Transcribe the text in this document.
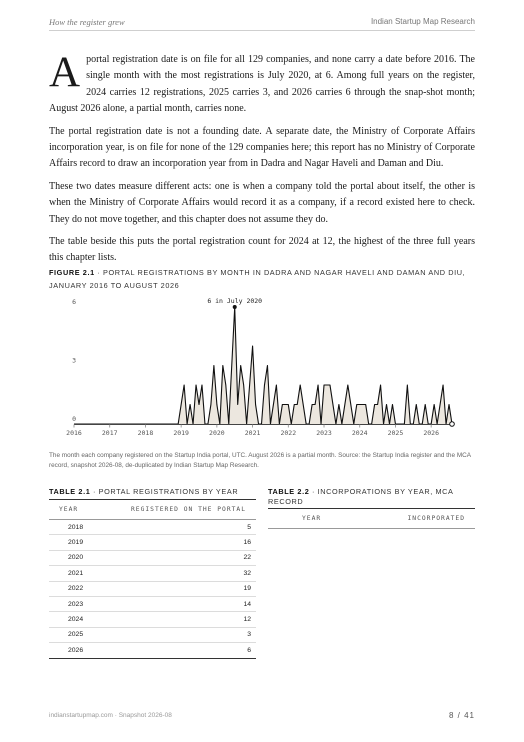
How the register grew	Indian Startup Map Research

Aportal registration date is on file for all 129 companies, and none carry a date before 2016. The single month with the most registrations is July 2020, at 6. Among full years on the register, 2024 carries 12 registrations, 2025 carries 3, and 2026 carries 6 through the snap-shot month; August 2026 alone, a partial month, carries none.

The portal registration date is not a founding date. A separate date, the Ministry of Corporate Affairs incorporation year, is on file for none of the 129 companies here; this report has no Ministry of Corporate Affairs record to draw an incorporation year from in Dadra and Nagar Haveli and Daman and Diu.

These two dates measure different acts: one is when a company told the portal about itself, the other is when the Ministry of Corporate Affairs would record it as a company, if a record existed here to check. They do not move together, and this chapter does not assume they do.

The table beside this puts the portal registration count for 2024 at 12, the highest of the three full years this chapter lists.

FIGURE 2.1 · PORTAL REGISTRATIONS BY MONTH IN DADRA AND NAGAR HAVELI AND DAMAN AND DIU, JANUARY 2016 TO AUGUST 2026
0
3
6
2016	2017	2018	2019	2020	2021	2022	2023	2024	2025	2026
6 in July 2020
The month each company registered on the Startup India portal, UTC. August 2026 is a partial month. Source: the Startup India register and the MCA record, snapshot 2026-08, de-duplicated by Indian Startup Map Research.
TABLE 2.1 · PORTAL REGISTRATIONS BY YEAR
YEAR	REGISTERED ON THE PORTAL
2018	5
2019	16
2020	22
2021	32
2022	19
2023	14
2024	12
2025	3
2026	6
TABLE 2.2 · INCORPORATIONS BY YEAR, MCA RECORD
YEAR	INCORPORATED
indianstartupmap.com · Snapshot 2026-08	8 / 41
